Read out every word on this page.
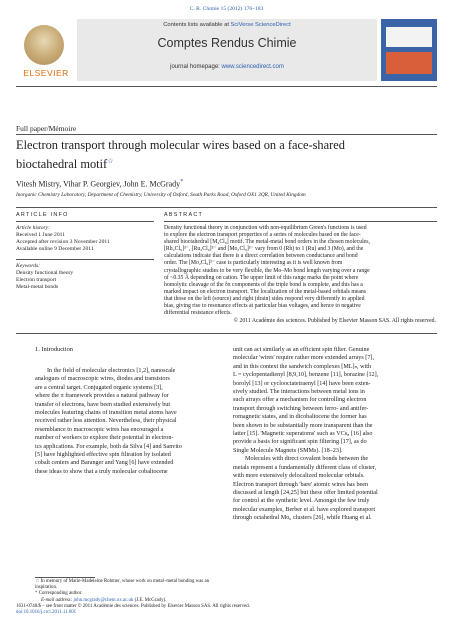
C. R. Chimie 15 (2012) 176–183
ELSEVIER
Contents lists available at SciVerse ScienceDirect
Comptes Rendus Chimie
journal homepage: www.sciencedirect.com
Full paper/Mémoire
Electron transport through molecular wires based on a face-shared
bioctahedral motif☆
Vitesh Mistry, Vihar P. Georgiev, John E. McGrady*
Inorganic Chemistry Laboratory, Department of Chemistry, University of Oxford, South Parks Road, Oxford OX1 3QR, United Kingdom
ARTICLE INFO
Article history:
Received 1 June 2011
Accepted after revision 3 November 2011
Available online 9 December 2011
Keywords:
Density functional theory
Electron transport
Metal-metal bonds
ABSTRACT
Density functional theory in conjunction with non-equilibrium Green's functions is used
to explore the electron transport properties of a series of molecules based on the face-
shared bioctahedral [M₂Cl₉] motif. The metal-metal bond orders in the chosen molecules,
[Rh₂Cl₉]³⁻, [Ru₂Cl₉]³⁻ and [Mo₂Cl₉]³⁻ vary from 0 (Rh) to 1 (Ru) and 3 (Mo), and the
calculations indicate that there is a direct correlation between conductance and bond
order. The [Mo₂Cl₉]³⁻ case is particularly interesting as it is well known from
crystallographic studies to be very flexible, the Mo–Mo bond length varying over a range
of ~0.35 Å depending on cation. The upper limit of this range marks the point where
homolytic cleavage of the δπ components of the triple bond is complete, and this has a
marked impact on electron transport. The localization of the metal-based orbitals means
that those on the left (source) and right (drain) sides respond very differently to applied
bias, giving rise to resonance effects at particular bias voltages, and hence to negative
differential resistance effects.
© 2011 Académie des sciences. Published by Elsevier Masson SAS. All rights reserved.
1. Introduction
In the field of molecular electronics [1,2], nanoscale
analogues of macroscopic wires, diodes and transistors
are a central target. Conjugated organic systems [3],
where the π framework provides a natural pathway for
transfer of electrons, have been studied extensively but
molecules featuring chains of transition metal atoms have
received rather less attention. Nevertheless, their physical
resemblance to macroscopic wires has encouraged a
number of workers to explore their potential in electron-
ics applications. For example, both da Silva [4] and Sanvito
[5] have highlighted effective spin filtration by isolated
cobalt centers and Baranger and Yang [6] have extended
these ideas to show that a truly molecular cobaltocene
☆ In memory of Marie-Madeleine Rohmer, whose work on metal–metal bonding was an inspiration.
* Corresponding author.
E-mail address: john.mcgrady@chem.ox.ac.uk (J.E. McGrady).
unit can act similarly as an efficient spin filter. Genuine
molecular 'wires' require rather more extended arrays [7],
and in this context the sandwich complexes [ML]ₙ, with
L = cyclopentadienyl [8,9,10], benzene [11], borazine [12],
borolyl [13] or cyclooctatetraenyl [14] have been exten-
sively studied. The interactions between metal ions in
such arrays offer a mechanism for controlling electron
transport through switching between ferro- and antifer-
romagnetic states, and in dicobaltocene the former has
been shown to be substantially more transparent than the
latter [15]. 'Magnetic superatoms' such as VCs₈ [16] also
provide a basis for significant spin filtering [17], as do
Single Molecule Magnets (SMMs). [18–23].
Molecules with direct covalent bonds between the
metals represent a fundamentally different class of cluster,
with more extensively delocalized molecular orbitals.
Electron transport through 'bare' atomic wires has been
discussed at length [24,25] but these offer limited potential
for control at the synthetic level. Amongst the few truly
molecular examples, Berber et al. have explored transport
through octahedral Mo₆ clusters [26], while Huang et al.
1631-0748/$ – see front matter © 2011 Académie des sciences. Published by Elsevier Masson SAS. All rights reserved.
doi:10.1016/j.crci.2011.11.001
